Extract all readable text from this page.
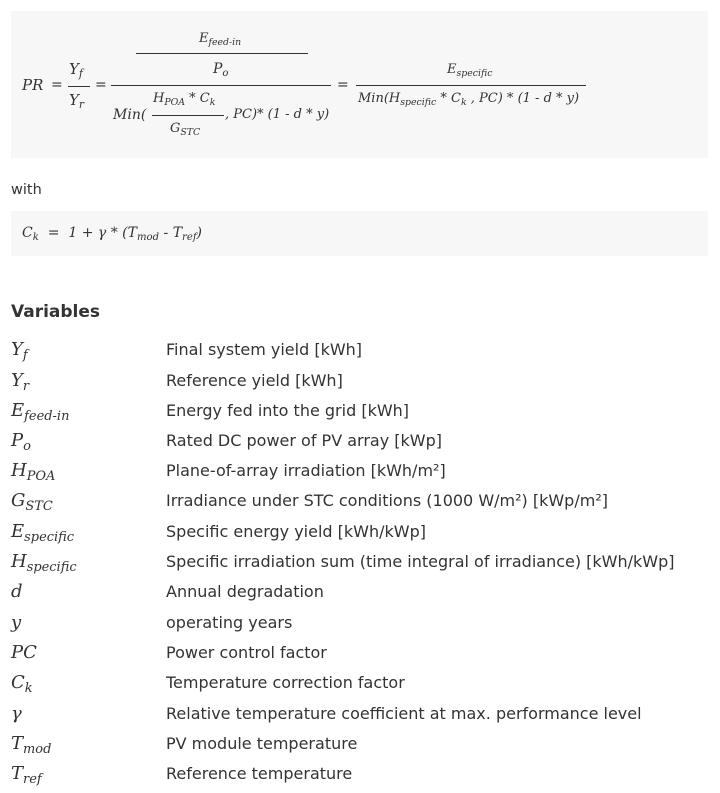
PR =
$Y_f$
$Y_r$
=
$E_{feed-in}$
$P_o$
Min(
$H_{POA} * C_k$
$G_{STC}$
, PC)* (1 - d * y)
=
$E_{specific}$
$Min(H_{specific} * C_k$ , PC) * (1 - d * y)
with
$C_k = 1 + \gamma * (T_{mod} - T_{ref})$
Variables
$Y_f$	Final system yield [kWh]
$Y_r$	Reference yield [kWh]
$E_{feed-in}$	Energy fed into the grid [kWh]
$P_o$	Rated DC power of PV array [kWp]
$H_{POA}$	Plane-of-array irradiation [kWh/m²]
$G_{STC}$	Irradiance under STC conditions (1000 W/m²) [kWp/m²]
$E_{specific}$	Specific energy yield [kWh/kWp]
$H_{specific}$	Specific irradiation sum (time integral of irradiance) [kWh/kWp]
d	Annual degradation
y	operating years
PC	Power control factor
$C_k$	Temperature correction factor
γ	Relative temperature coefficient at max. performance level
$T_{mod}$	PV module temperature
$T_{ref}$	Reference temperature
